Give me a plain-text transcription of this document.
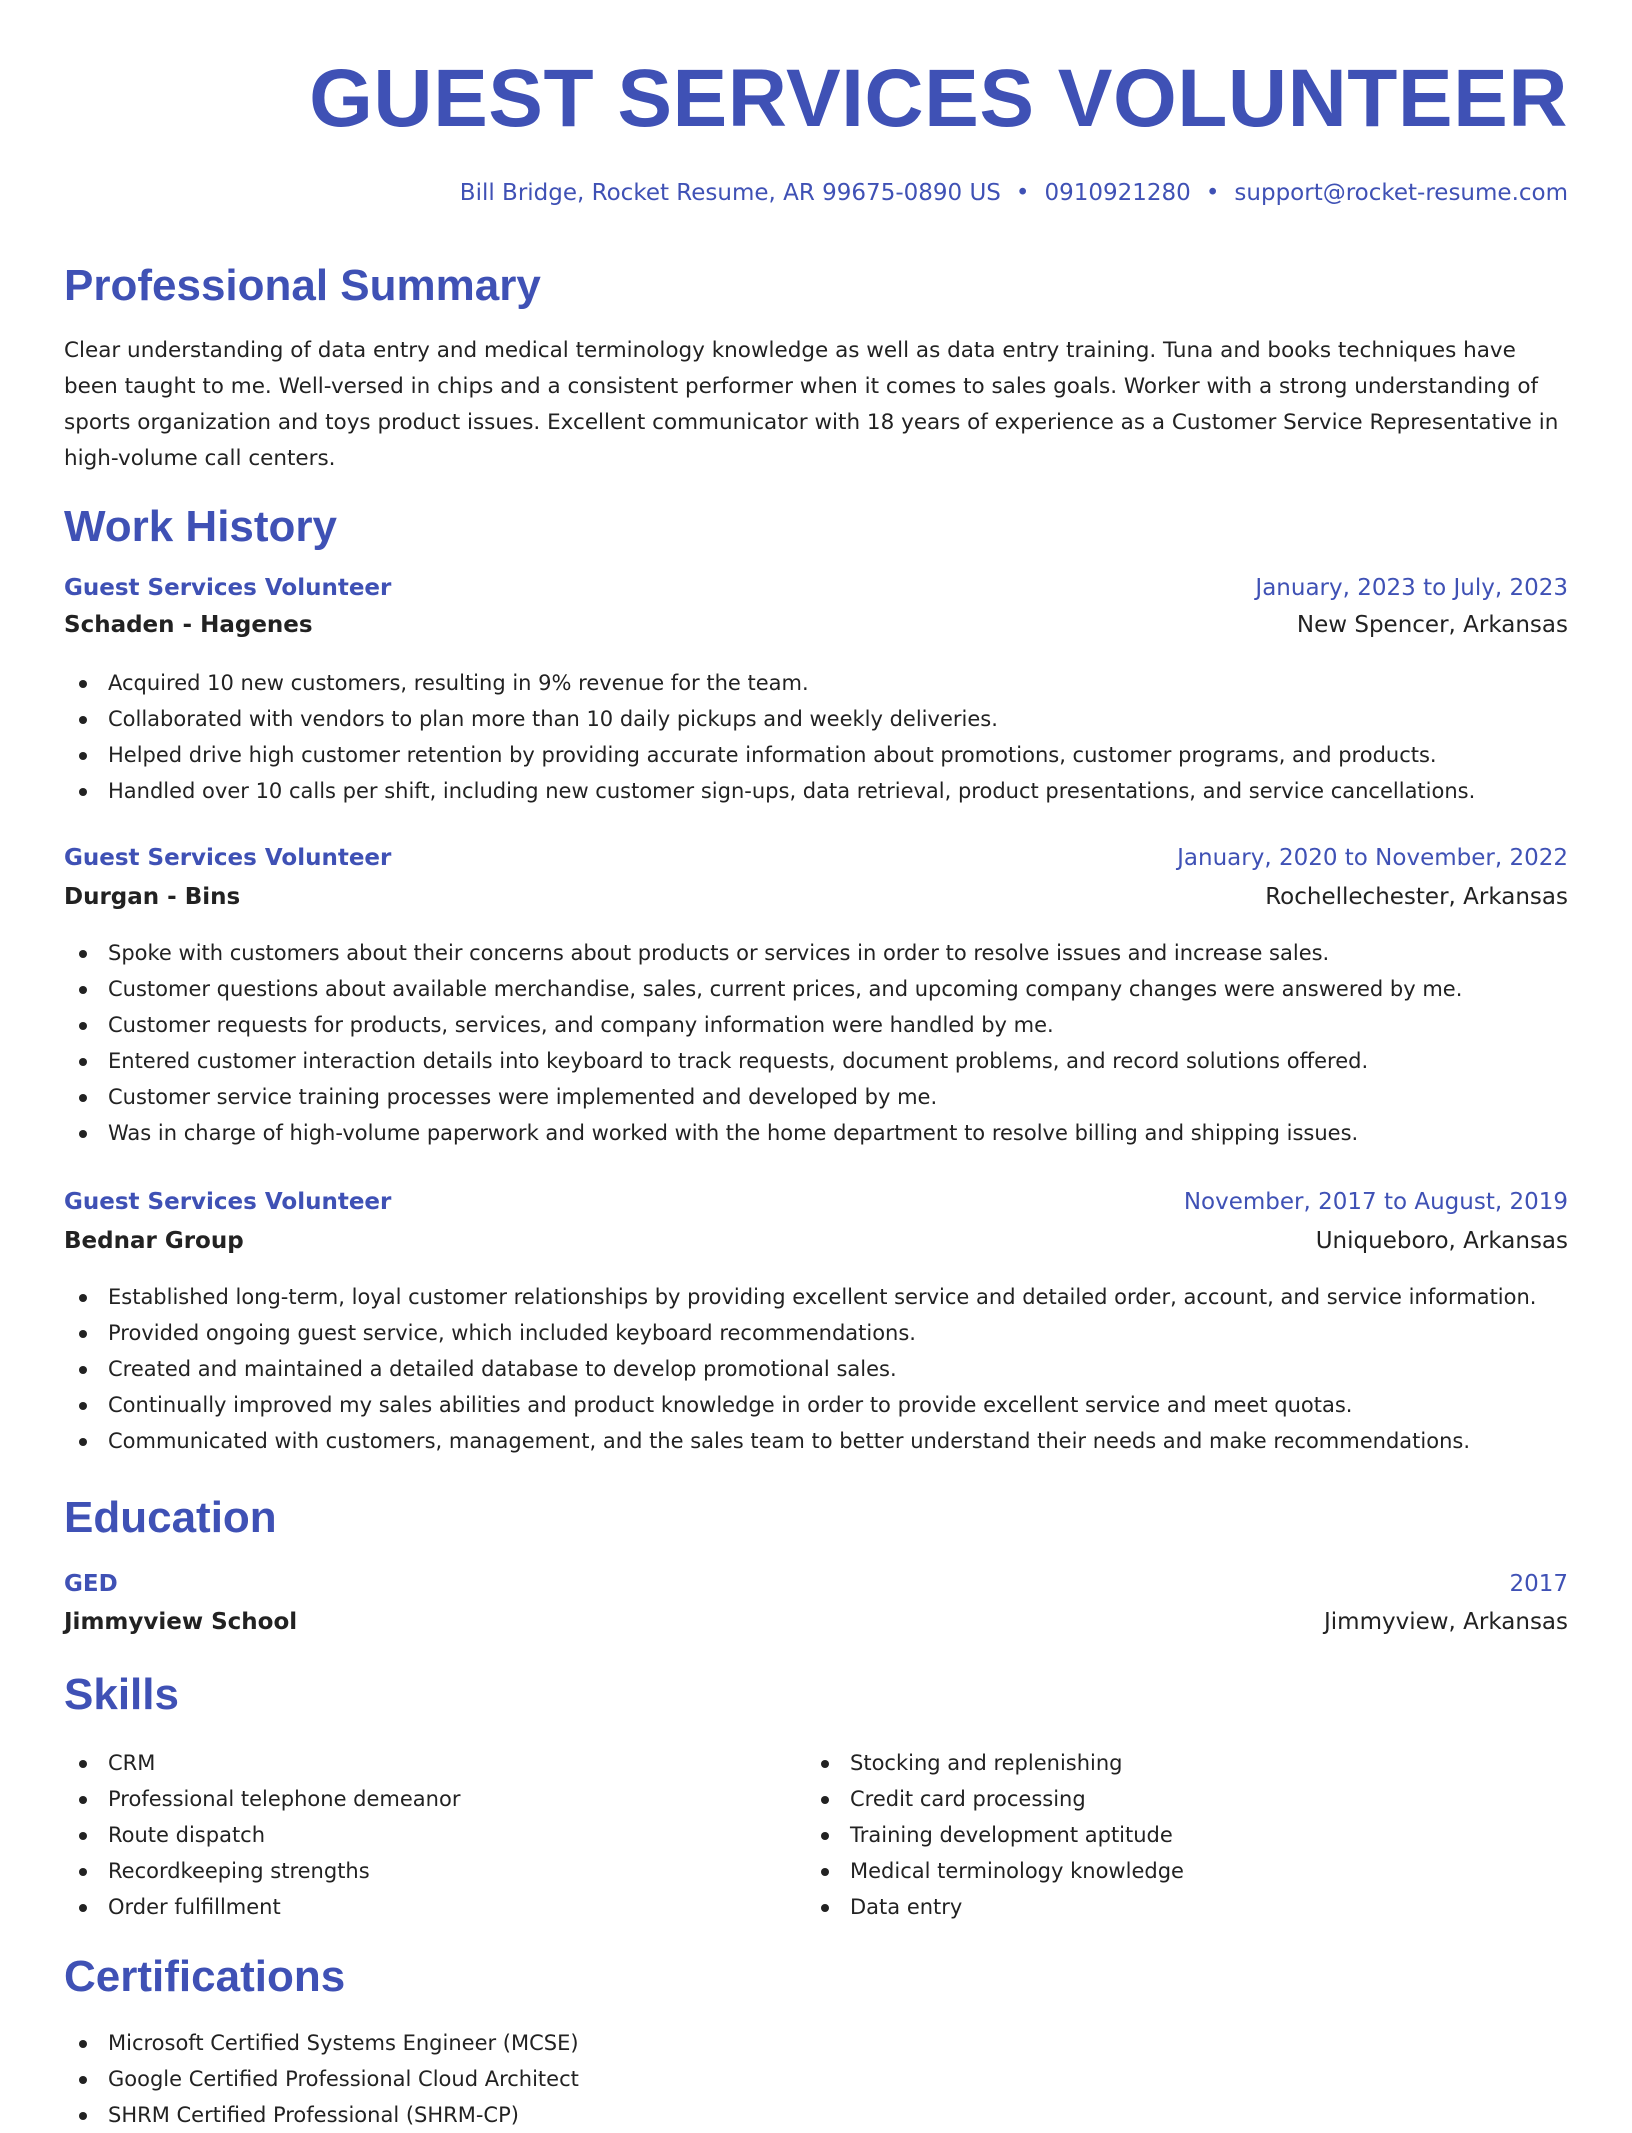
GUEST SERVICES VOLUNTEER
Bill Bridge, Rocket Resume, AR 99675-0890 US • 0910921280 • support@rocket-resume.com
Professional Summary

Clear understanding of data entry and medical terminology knowledge as well as data entry training. Tuna and books techniques have been taught to me. Well-versed in chips and a consistent performer when it comes to sales goals. Worker with a strong understanding of sports organization and toys product issues. Excellent communicator with 18 years of experience as a Customer Service Representative in high-volume call centers.

Work History
Guest Services Volunteer	January, 2023 to July, 2023
Schaden - Hagenes	New Spencer, Arkansas
Acquired 10 new customers, resulting in 9% revenue for the team.
Collaborated with vendors to plan more than 10 daily pickups and weekly deliveries.
Helped drive high customer retention by providing accurate information about promotions, customer programs, and products.
Handled over 10 calls per shift, including new customer sign-ups, data retrieval, product presentations, and service cancellations.
Guest Services Volunteer	January, 2020 to November, 2022
Durgan - Bins	Rochellechester, Arkansas
Spoke with customers about their concerns about products or services in order to resolve issues and increase sales.
Customer questions about available merchandise, sales, current prices, and upcoming company changes were answered by me.
Customer requests for products, services, and company information were handled by me.
Entered customer interaction details into keyboard to track requests, document problems, and record solutions offered.
Customer service training processes were implemented and developed by me.
Was in charge of high-volume paperwork and worked with the home department to resolve billing and shipping issues.
Guest Services Volunteer	November, 2017 to August, 2019
Bednar Group	Uniqueboro, Arkansas
Established long-term, loyal customer relationships by providing excellent service and detailed order, account, and service information.
Provided ongoing guest service, which included keyboard recommendations.
Created and maintained a detailed database to develop promotional sales.
Continually improved my sales abilities and product knowledge in order to provide excellent service and meet quotas.
Communicated with customers, management, and the sales team to better understand their needs and make recommendations.
Education
GED	2017
Jimmyview School	Jimmyview, Arkansas
Skills
CRM
Professional telephone demeanor
Route dispatch
Recordkeeping strengths
Order fulfillment
Stocking and replenishing
Credit card processing
Training development aptitude
Medical terminology knowledge
Data entry
Certifications
Microsoft Certified Systems Engineer (MCSE)
Google Certified Professional Cloud Architect
SHRM Certified Professional (SHRM-CP)
